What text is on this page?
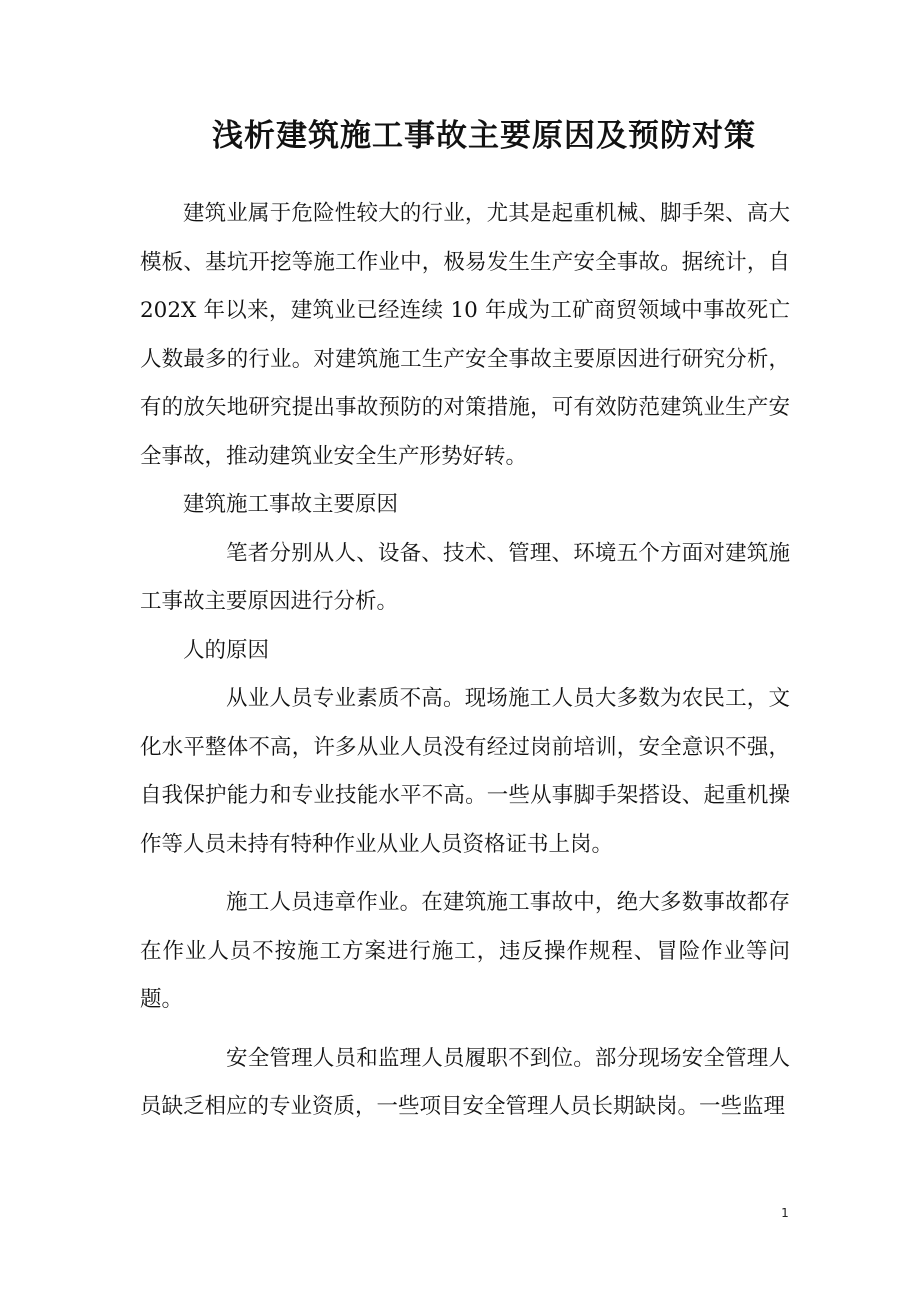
浅析建筑施工事故主要原因及预防对策

建筑业属于危险性较大的行业，尤其是起重机械、脚手架、高大模板、基坑开挖等施工作业中，极易发生生产安全事故。据统计，自 202X 年以来，建筑业已经连续 10 年成为工矿商贸领域中事故死亡人数最多的行业。对建筑施工生产安全事故主要原因进行研究分析，有的放矢地研究提出事故预防的对策措施，可有效防范建筑业生产安全事故，推动建筑业安全生产形势好转。

建筑施工事故主要原因

笔者分别从人、设备、技术、管理、环境五个方面对建筑施工事故主要原因进行分析。

人的原因

从业人员专业素质不高。现场施工人员大多数为农民工，文化水平整体不高，许多从业人员没有经过岗前培训，安全意识不强，自我保护能力和专业技能水平不高。一些从事脚手架搭设、起重机操作等人员未持有特种作业从业人员资格证书上岗。

施工人员违章作业。在建筑施工事故中，绝大多数事故都存在作业人员不按施工方案进行施工，违反操作规程、冒险作业等问题。

安全管理人员和监理人员履职不到位。部分现场安全管理人员缺乏相应的专业资质，一些项目安全管理人员长期缺岗。一些监理

1
